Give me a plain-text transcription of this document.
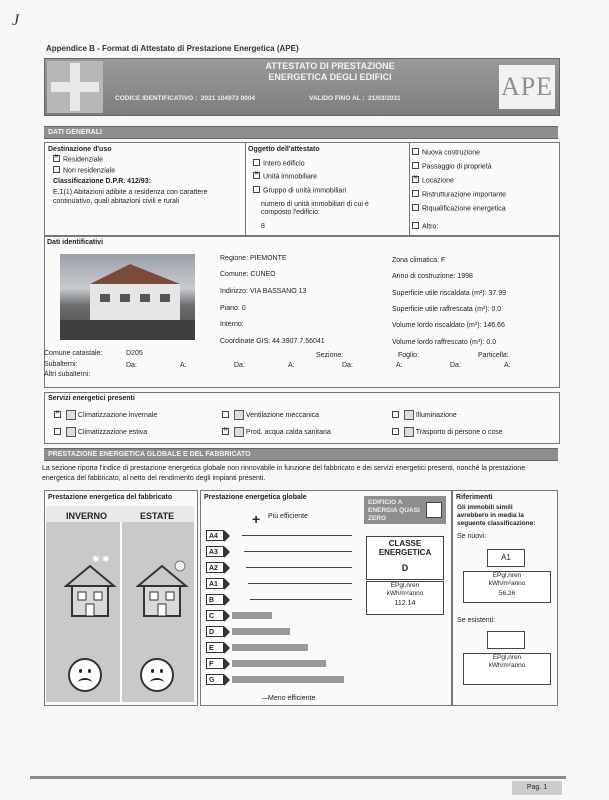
J
Appendice B - Format di Attestato di Prestazione Energetica (APE)
ATTESTATO DI PRESTAZIONE
ENERGETICA DEGLI EDIFICI
CODICE IDENTIFICATIVO : 2021 104973 0004	VALIDO FINO AL : 21/03/2031	APE
DATI GENERALI
Destinazione d'uso
✕Residenziale
Non residenziale
Classificazione D.P.R. 412/93:
E.1(1) Abitazioni adibite a residenza con carattere
continuativo, quali abitazioni civili e rurali
Oggetto dell'attestato
Intero edificio
✕Unità immobiliare
Gruppo di unità immobiliari
numero di unità immobiliari di cui è
composto l'edificio:
8
Nuova costruzione
Passaggio di proprietà
✕Locazione
Ristrutturazione importante
Riqualificazione energetica
Altro:
Dati identificativi
Regione: PIEMONTE
Comune: CUNEO
Indirizzo: VIA BASSANO 13
Piano: 0
Interno:
Coordinate GIS: 44.3907 7.56041
Zona climatica: F
Anno di costruzione: 1998
Superficie utile riscaldata (m²): 37.99
Superficie utile raffrescata (m²): 0.0
Volume lordo riscaldato (m³): 146.66
Volume lordo raffrescato (m³): 0.0
Comune catastale:	D205	Sezione:	Foglio:	Particella:
Subalterni:	Da:	A:	Da:	A:	Da:	A:	Da:	A:
Altri subalterni:
Servizi energetici presenti
✕  Climatizzazione invernale
Climatizzazione estiva
Ventilazione meccanica
✕  Prod. acqua calda sanitaria
Illuminazione
Trasporto di persone o cose
PRESTAZIONE ENERGETICA GLOBALE E DEL FABBRICATO
La sezione riporta l'indice di prestazione energetica globale non rinnovabile in funzione del fabbricato e dei servizi energetici presenti, nonché la prestazione
energetica del fabbricato, al netto del rendimento degli impianti presenti.
Prestazione energetica del fabbricato
INVERNO	ESTATE
✱ ✱
Prestazione energetica globale
+ Più efficiente
A4
A3
A2
A1
B
C
D
E
F
G
— Meno efficiente
EDIFICIO A ENERGIA QUASI ZERO
CLASSE ENERGETICA
D
EPgl,nren
kWh/m²anno
112.14
Riferimenti
Gli immobili simili
avrebbero in media la
seguente classificazione:
Se nuovi:
A1
EPgl,nren
kWh/m²anno
56.26
Se esistenti:
EPgl,nren
kWh/m²anno
Pag. 1
